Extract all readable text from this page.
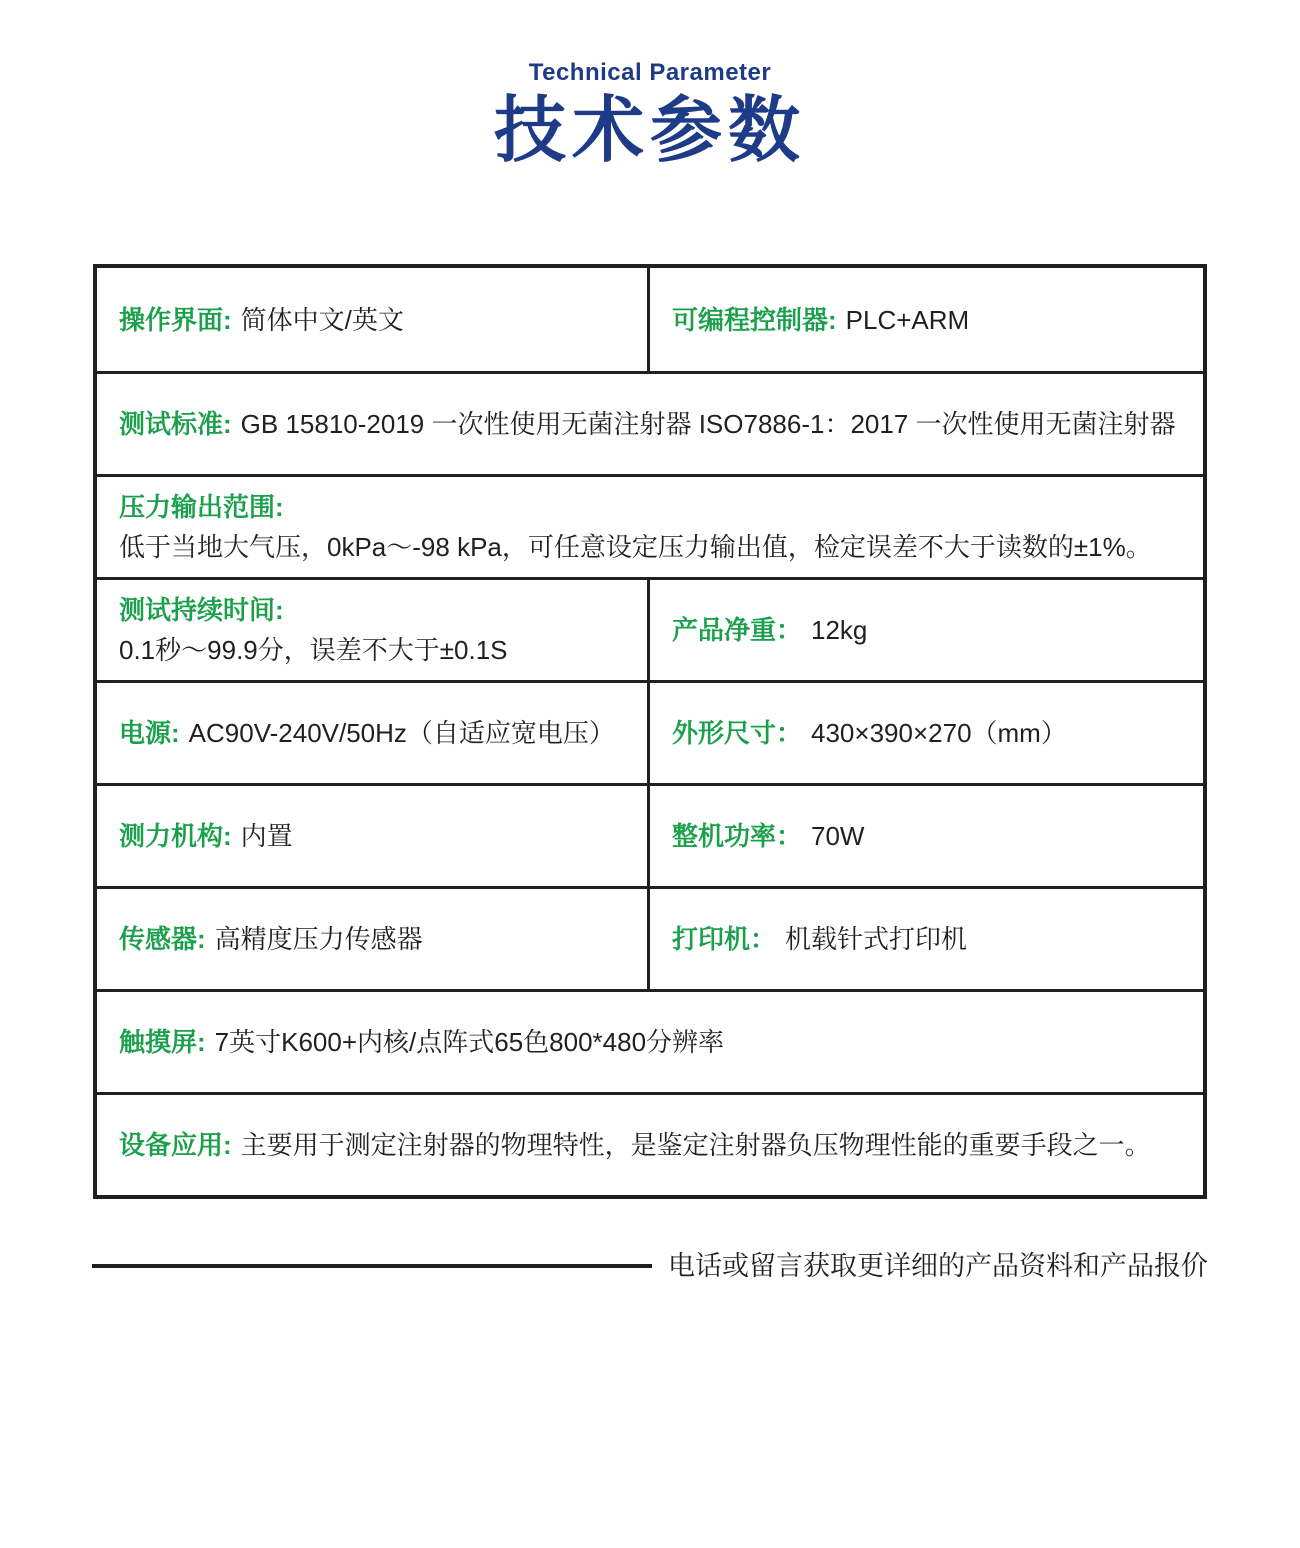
Technical Parameter
技术参数
操作界面: 简体中文/英文	可编程控制器: PLC+ARM
测试标准: GB 15810-2019 一次性使用无菌注射器 ISO7886-1：2017 一次性使用无菌注射器
压力输出范围:
低于当地大气压，0kPa～-98 kPa，可任意设定压力输出值，检定误差不大于读数的±1%。
测试持续时间:
0.1秒～99.9分，误差不大于±0.1S
产品净重： 12kg
电源: AC90V-240V/50Hz（自适应宽电压） 外形尺寸： 430×390×270（mm）
测力机构: 内置	整机功率： 70W
传感器: 高精度压力传感器	打印机： 机载针式打印机
触摸屏: 7英寸K600+内核/点阵式65色800*480分辨率
设备应用: 主要用于测定注射器的物理特性，是鉴定注射器负压物理性能的重要手段之一。
电话或留言获取更详细的产品资料和产品报价
